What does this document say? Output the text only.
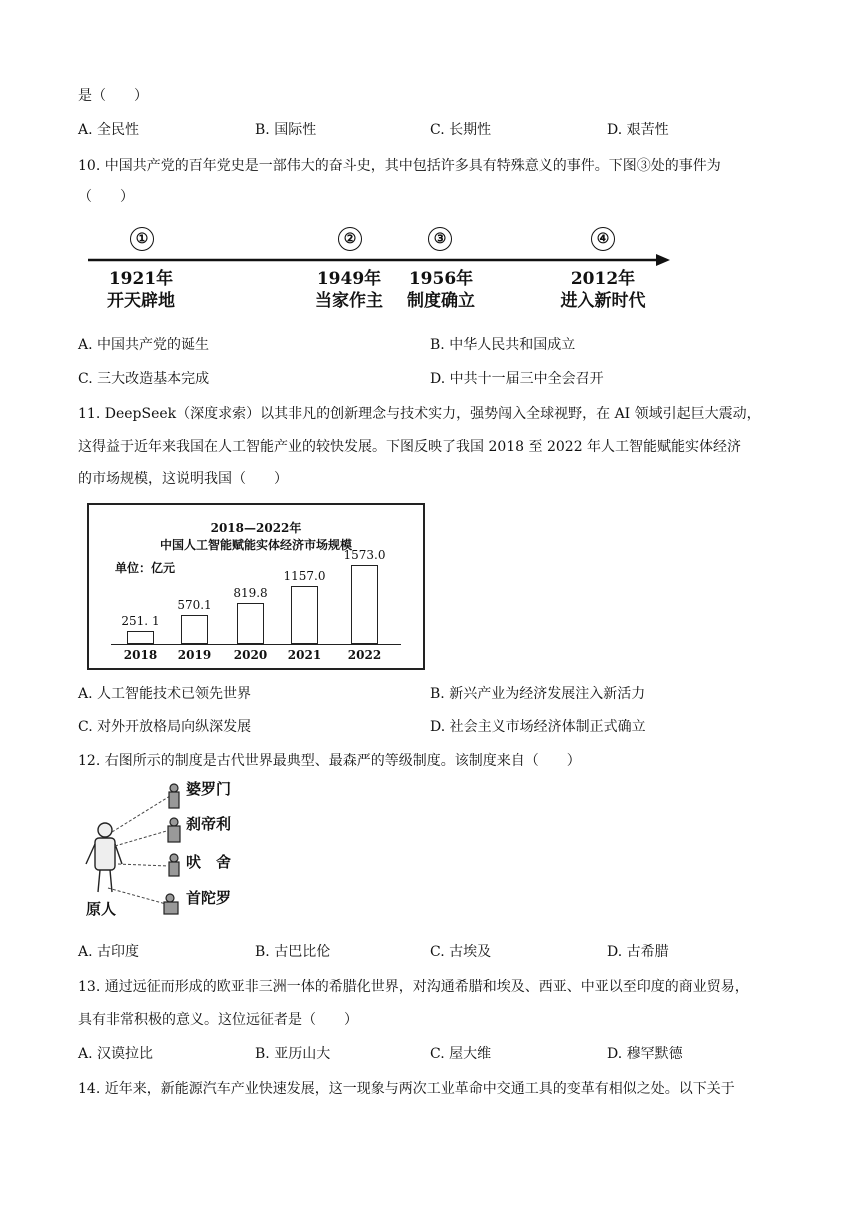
是（　　）
A. 全民性	B. 国际性	C. 长期性	D. 艰苦性
10. 中国共产党的百年党史是一部伟大的奋斗史，其中包括许多具有特殊意义的事件。下图③处的事件为
（　　）
①	②	③	④
1921年
开天辟地
1949年
当家作主
1956年
制度确立
2012年
进入新时代
A. 中国共产党的诞生	B. 中华人民共和国成立
C. 三大改造基本完成	D. 中共十一届三中全会召开
11. DeepSeek（深度求索）以其非凡的创新理念与技术实力，强势闯入全球视野，在 AI 领域引起巨大震动，
这得益于近年来我国在人工智能产业的较快发展。下图反映了我国 2018 至 2022 年人工智能赋能实体经济
的市场规模，这说明我国（　　）
2018—2022年
中国人工智能赋能实体经济市场规模
单位：亿元
251. 1
2018
570.1
2019
819.8
2020
1157.0
2021
1573.0
2022
A. 人工智能技术已领先世界	B. 新兴产业为经济发展注入新活力
C. 对外开放格局向纵深发展	D. 社会主义市场经济体制正式确立
12. 右图所示的制度是古代世界最典型、最森严的等级制度。该制度来自（　　）
婆罗门
刹帝利
吠　舍
首陀罗
原人
A. 古印度	B. 古巴比伦	C. 古埃及	D. 古希腊
13. 通过远征而形成的欧亚非三洲一体的希腊化世界，对沟通希腊和埃及、西亚、中亚以至印度的商业贸易，
具有非常积极的意义。这位远征者是（　　）
A. 汉谟拉比	B. 亚历山大	C. 屋大维	D. 穆罕默德
14. 近年来，新能源汽车产业快速发展，这一现象与两次工业革命中交通工具的变革有相似之处。以下关于
